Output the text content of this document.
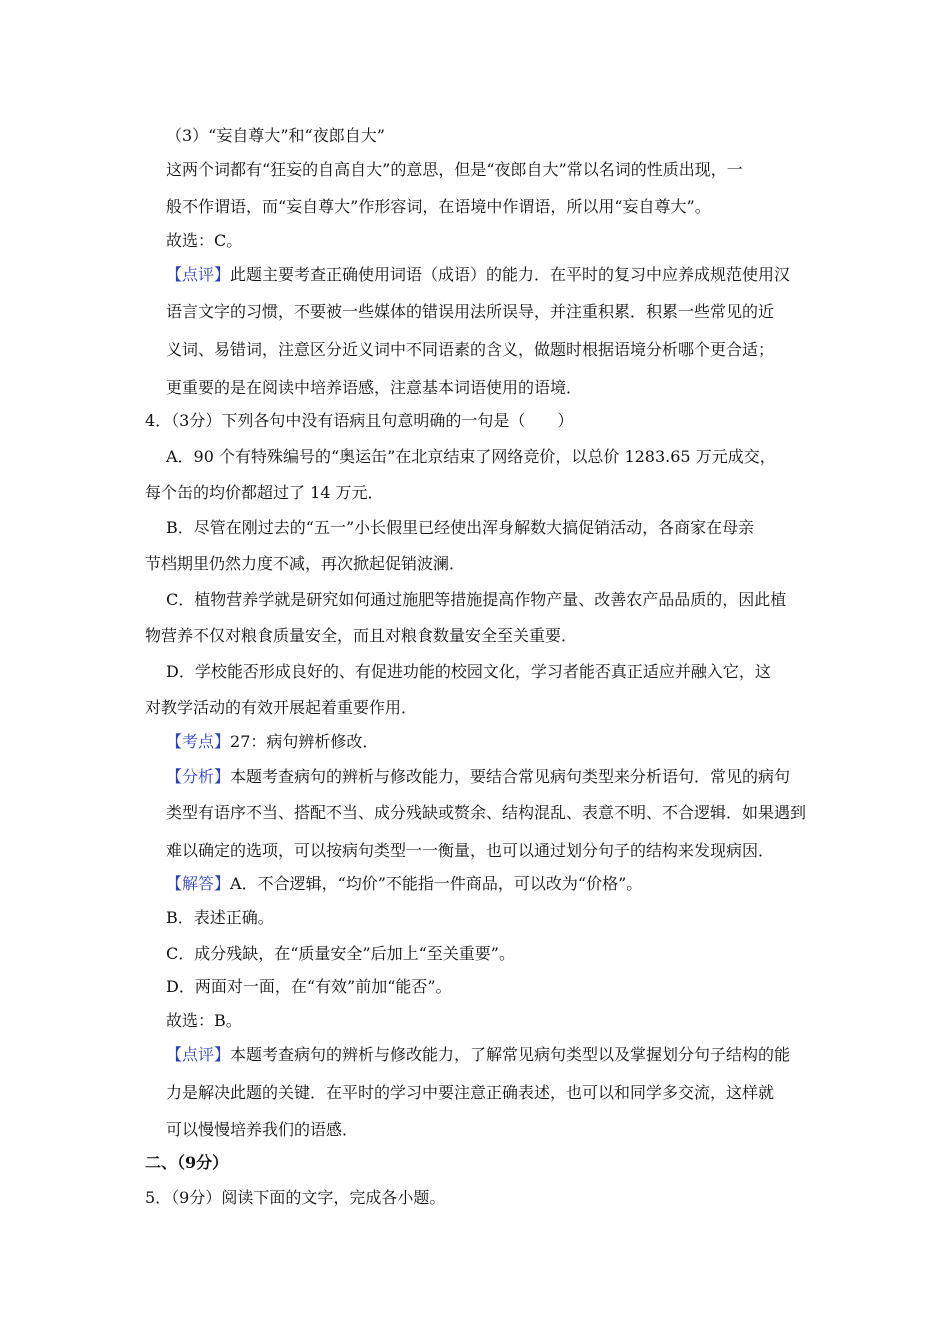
（3）“妄自尊大”和“夜郎自大”
这两个词都有“狂妄的自高自大”的意思，但是“夜郎自大”常以名词的性质出现，一
般不作谓语，而“妄自尊大”作形容词，在语境中作谓语，所以用“妄自尊大”。
故选：C。
【点评】此题主要考查正确使用词语（成语）的能力．在平时的复习中应养成规范使用汉
语言文字的习惯，不要被一些媒体的错误用法所误导，并注重积累．积累一些常见的近
义词、易错词，注意区分近义词中不同语素的含义，做题时根据语境分析哪个更合适；
更重要的是在阅读中培养语感，注意基本词语使用的语境．
4．（3分）下列各句中没有语病且句意明确的一句是（　　）
A．90 个有特殊编号的“奥运缶”在北京结束了网络竞价，以总价 1283.65 万元成交，
每个缶的均价都超过了 14 万元．
B．尽管在刚过去的“五一”小长假里已经使出浑身解数大搞促销活动，各商家在母亲
节档期里仍然力度不减，再次掀起促销波澜．
C．植物营养学就是研究如何通过施肥等措施提高作物产量、改善农产品品质的，因此植
物营养不仅对粮食质量安全，而且对粮食数量安全至关重要．
D．学校能否形成良好的、有促进功能的校园文化，学习者能否真正适应并融入它，这
对教学活动的有效开展起着重要作用．
【考点】27：病句辨析修改．
【分析】本题考查病句的辨析与修改能力，要结合常见病句类型来分析语句．常见的病句
类型有语序不当、搭配不当、成分残缺或赘余、结构混乱、表意不明、不合逻辑．如果遇到
难以确定的选项，可以按病句类型一一衡量，也可以通过划分句子的结构来发现病因．
【解答】A．不合逻辑，“均价”不能指一件商品，可以改为“价格”。
B．表述正确。
C．成分残缺，在“质量安全”后加上“至关重要”。
D．两面对一面，在“有效”前加“能否”。
故选：B。
【点评】本题考查病句的辨析与修改能力，了解常见病句类型以及掌握划分句子结构的能
力是解决此题的关键．在平时的学习中要注意正确表述，也可以和同学多交流，这样就
可以慢慢培养我们的语感．
二、（9分）
5．（9分）阅读下面的文字，完成各小题。
